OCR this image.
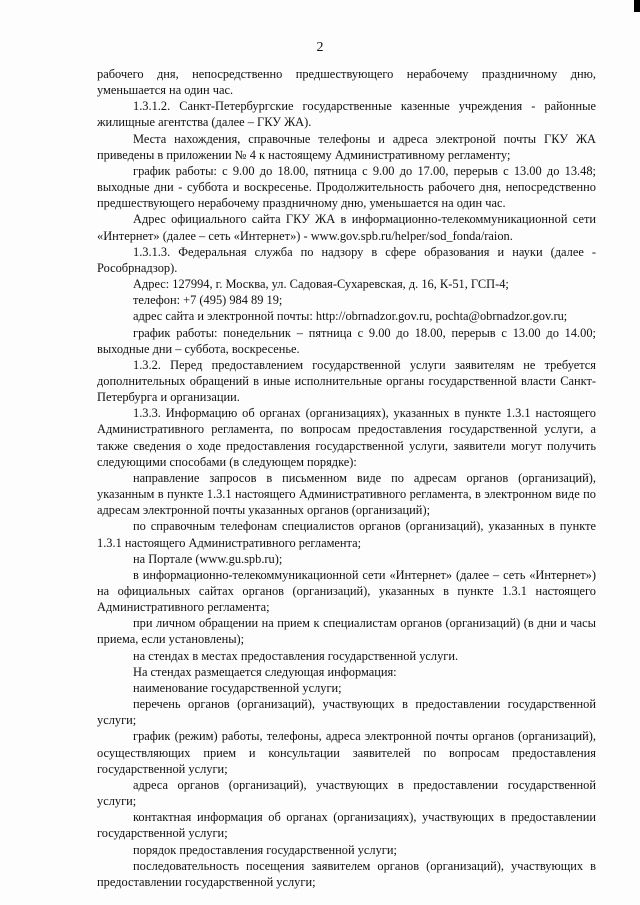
2

рабочего дня, непосредственно предшествующего нерабочему праздничному дню, уменьшается на один час.

1.3.1.2. Санкт-Петербургские государственные казенные учреждения - районные жилищные агентства (далее – ГКУ ЖА).

Места нахождения, справочные телефоны и адреса электроной почты ГКУ ЖА приведены в приложении № 4 к настоящему Административному регламенту;

график работы: с 9.00 до 18.00, пятница с 9.00 до 17.00, перерыв с 13.00 до 13.48; выходные дни - суббота и воскресенье. Продолжительность рабочего дня, непосредственно предшествующего нерабочему праздничному дню, уменьшается на один час.

Адрес официального сайта ГКУ ЖА в информационно-телекоммуникационной сети «Интернет» (далее – сеть «Интернет») - www.gov.spb.ru/helper/sod_fonda/raion.

1.3.1.3. Федеральная служба по надзору в сфере образования и науки (далее - Рособрнадзор).

Адрес: 127994, г. Москва, ул. Садовая-Сухаревская, д. 16, К-51, ГСП-4;

телефон: +7 (495) 984 89 19;

адрес сайта и электронной почты: http://obrnadzor.gov.ru, pochta@obrnadzor.gov.ru;

график работы: понедельник – пятница с 9.00 до 18.00, перерыв с 13.00 до 14.00; выходные дни – суббота, воскресенье.

1.3.2. Перед предоставлением государственной услуги заявителям не требуется дополнительных обращений в иные исполнительные органы государственной власти Санкт-Петербурга и организации.

1.3.3. Информацию об органах (организациях), указанных в пункте 1.3.1 настоящего Административного регламента, по вопросам предоставления государственной услуги, а также сведения о ходе предоставления государственной услуги, заявители могут получить следующими способами (в следующем порядке):

направление запросов в письменном виде по адресам органов (организаций), указанным в пункте 1.3.1 настоящего Административного регламента, в электронном виде по адресам электронной почты указанных органов (организаций);

по справочным телефонам специалистов органов (организаций), указанных в пункте 1.3.1 настоящего Административного регламента;

на Портале (www.gu.spb.ru);

в информационно-телекоммуникационной сети «Интернет» (далее – сеть «Интернет») на официальных сайтах органов (организаций), указанных в пункте 1.3.1 настоящего Административного регламента;

при личном обращении на прием к специалистам органов (организаций) (в дни и часы приема, если установлены);

на стендах в местах предоставления государственной услуги.

На стендах размещается следующая информация:

наименование государственной услуги;

перечень органов (организаций), участвующих в предоставлении государственной услуги;

график (режим) работы, телефоны, адреса электронной почты органов (организаций), осуществляющих прием и консультации заявителей по вопросам предоставления государственной услуги;

адреса органов (организаций), участвующих в предоставлении государственной услуги;

контактная информация об органах (организациях), участвующих в предоставлении государственной услуги;

порядок предоставления государственной услуги;

последовательность посещения заявителем органов (организаций), участвующих в предоставлении государственной услуги;
